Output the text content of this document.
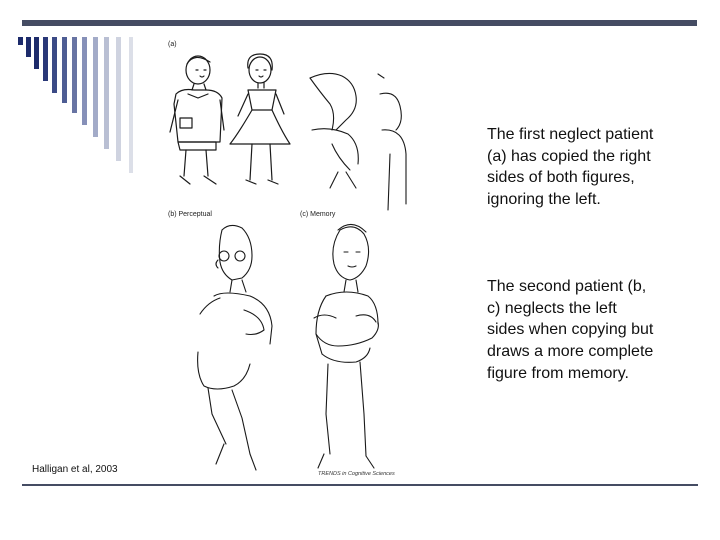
(a)
(b) Perceptual	(c) Memory
TRENDS in Cognitive Sciences
The first neglect patient (a) has copied the right sides of both figures, ignoring the left.
The second patient (b, c) neglects the left sides when copying but draws a more complete figure from memory.
Halligan et al, 2003
